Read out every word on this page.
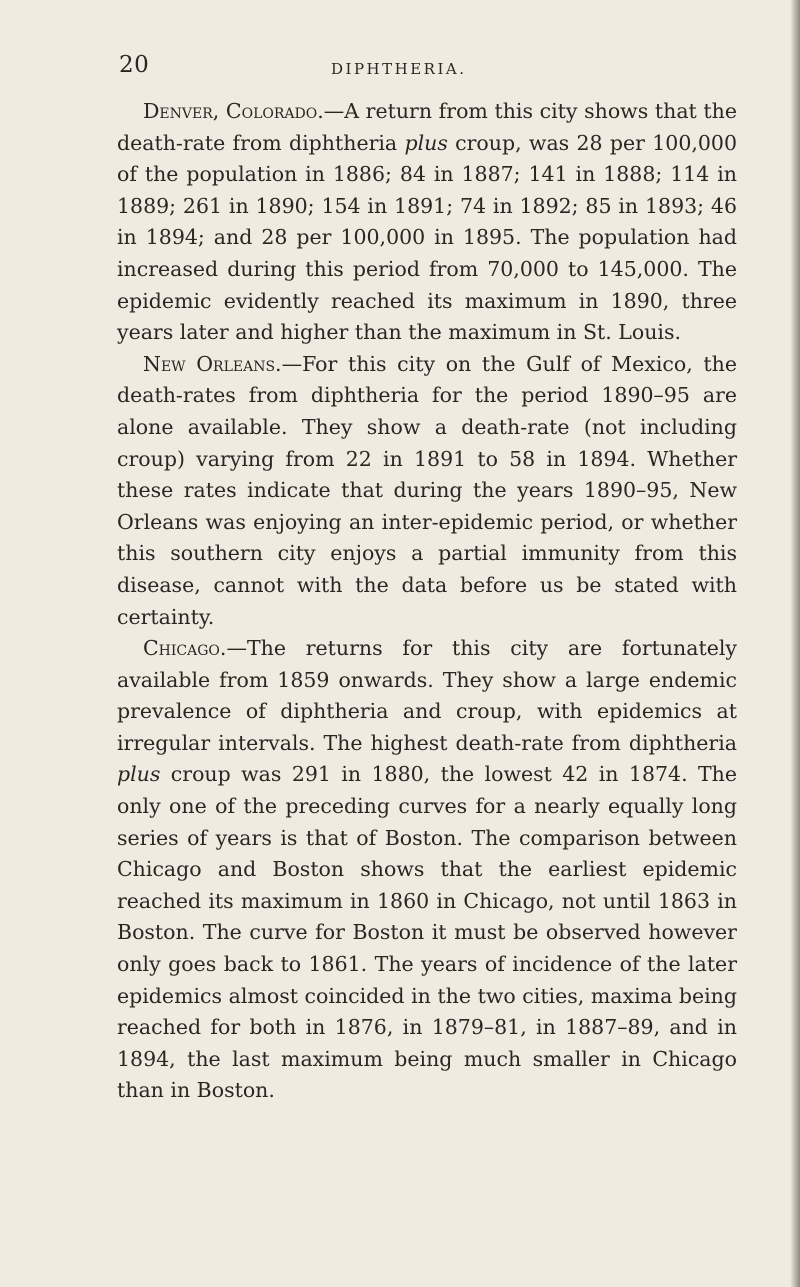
20	DIPHTHERIA.

Denver, Colorado.—A return from this city shows that the death-rate from diphtheria plus croup, was 28 per 100,000 of the population in 1886; 84 in 1887; 141 in 1888; 114 in 1889; 261 in 1890; 154 in 1891; 74 in 1892; 85 in 1893; 46 in 1894; and 28 per 100,000 in 1895. The population had increased during this period from 70,000 to 145,000. The epidemic evidently reached its maximum in 1890, three years later and higher than the maximum in St. Louis.

New Orleans.—For this city on the Gulf of Mexico, the death-rates from diphtheria for the period 1890–95 are alone available. They show a death-rate (not including croup) varying from 22 in 1891 to 58 in 1894. Whether these rates indicate that during the years 1890–95, New Orleans was enjoying an inter-epidemic period, or whether this southern city enjoys a partial immunity from this disease, cannot with the data before us be stated with certainty.

Chicago.—The returns for this city are fortunately available from 1859 onwards. They show a large endemic prevalence of diphtheria and croup, with epidemics at irregular intervals. The highest death-rate from diphtheria plus croup was 291 in 1880, the lowest 42 in 1874. The only one of the preceding curves for a nearly equally long series of years is that of Boston. The comparison between Chicago and Boston shows that the earliest epidemic reached its maximum in 1860 in Chicago, not until 1863 in Boston. The curve for Boston it must be observed however only goes back to 1861. The years of incidence of the later epidemics almost coincided in the two cities, maxima being reached for both in 1876, in 1879–81, in 1887–89, and in 1894, the last maximum being much smaller in Chicago than in Boston.
